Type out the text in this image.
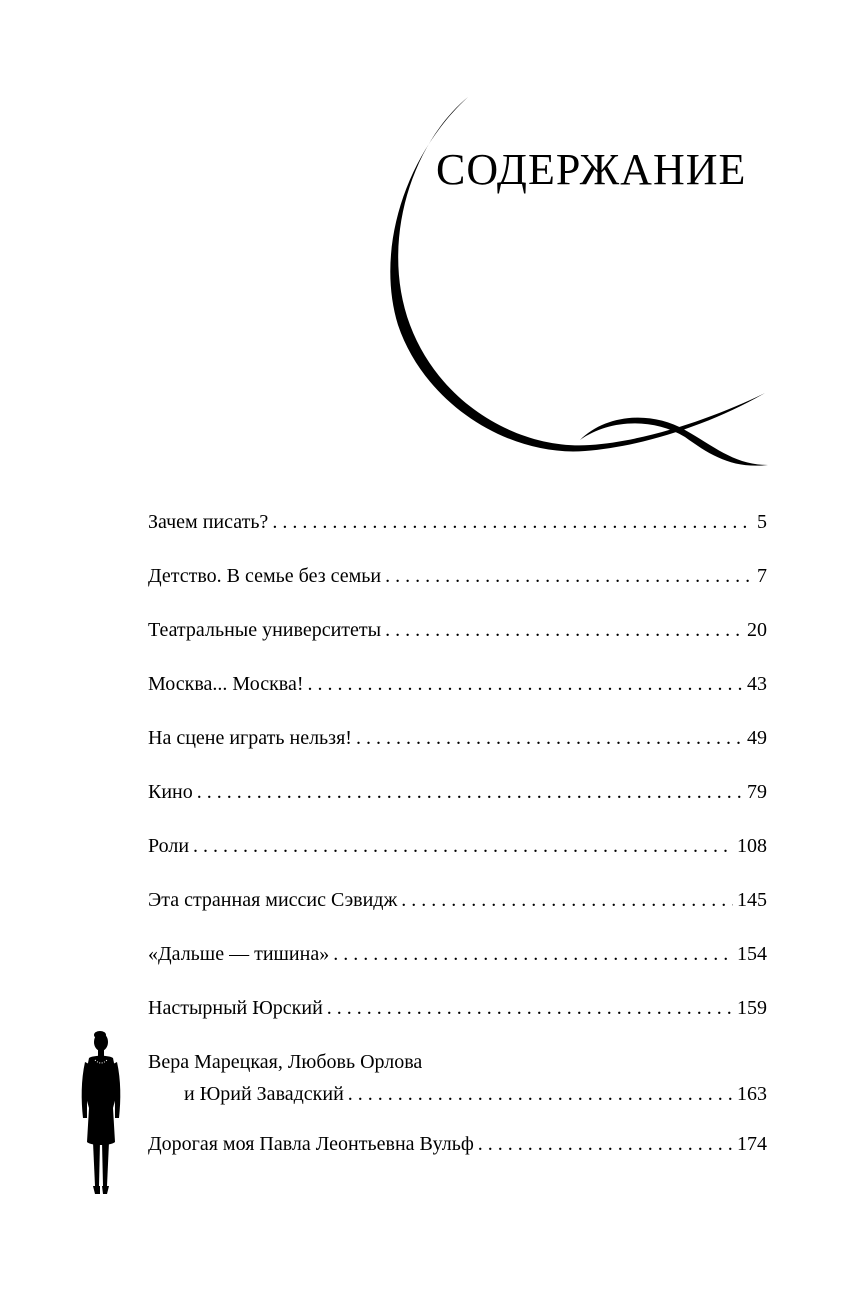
СОДЕРЖАНИЕ
Зачем писать? . . .	5
Детство. В семье без семьи . . .	7
Театральные университеты . . .	20
Москва... Москва! . . .	43
На сцене играть нельзя! . . .	49
Кино . . .	79
Роли . . .	108
Эта странная миссис Сэвидж . . .	145
«Дальше — тишина» . . .	154
Настырный Юрский . . .	159
Вера Марецкая, Любовь Орлова
и Юрий Завадский . . .	163
Дорогая моя Павла Леонтьевна Вульф . . .	174
